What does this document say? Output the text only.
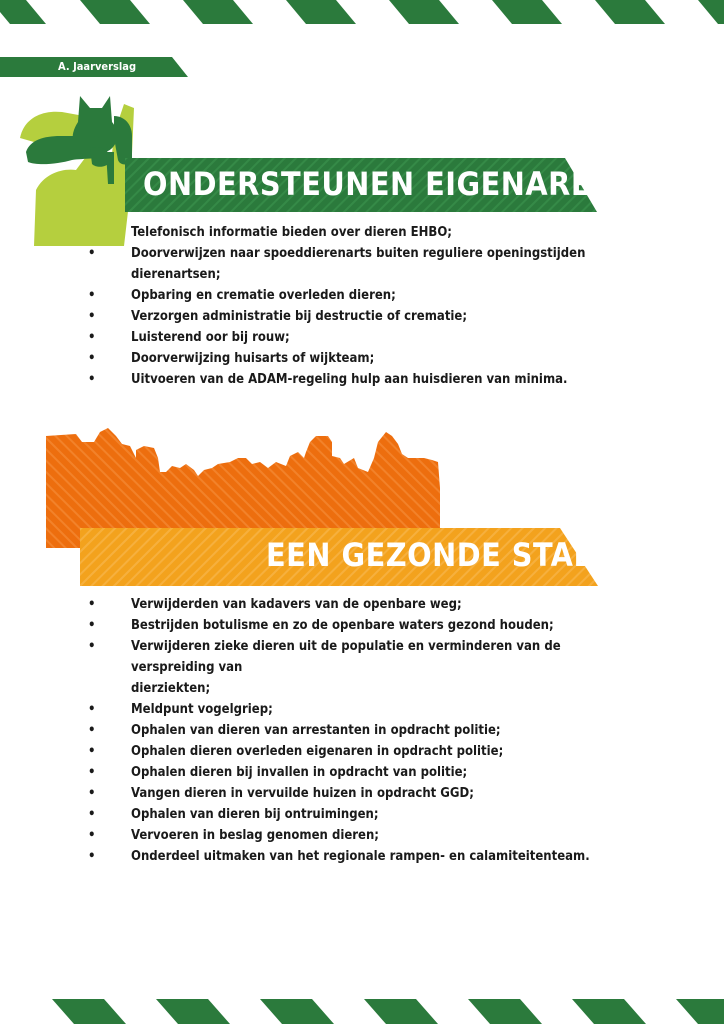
A. Jaarverslag
ONDERSTEUNEN EIGENAREN
Telefonisch informatie bieden over dieren EHBO;
•	Doorverwijzen naar spoeddierenarts buiten reguliere openingstijden dierenartsen;
•	Opbaring en crematie overleden dieren;
•	Verzorgen administratie bij destructie of crematie;
•	Luisterend oor bij rouw;
•	Doorverwijzing huisarts of wijkteam;
•	Uitvoeren van de ADAM-regeling hulp aan huisdieren van minima.
EEN GEZONDE STAD
•	Verwijderden van kadavers van de openbare weg;
•	Bestrijden botulisme en zo de openbare waters gezond houden;
•	Verwijderen zieke dieren uit de populatie en verminderen van de verspreiding van
dierziekten;
•	Meldpunt vogelgriep;
•	Ophalen van dieren van arrestanten in opdracht politie;
•	Ophalen dieren overleden eigenaren in opdracht politie;
•	Ophalen dieren bij invallen in opdracht van politie;
•	Vangen dieren in vervuilde huizen in opdracht GGD;
•	Ophalen van dieren bij ontruimingen;
•	Vervoeren in beslag genomen dieren;
•	Onderdeel uitmaken van het regionale rampen- en calamiteitenteam.
